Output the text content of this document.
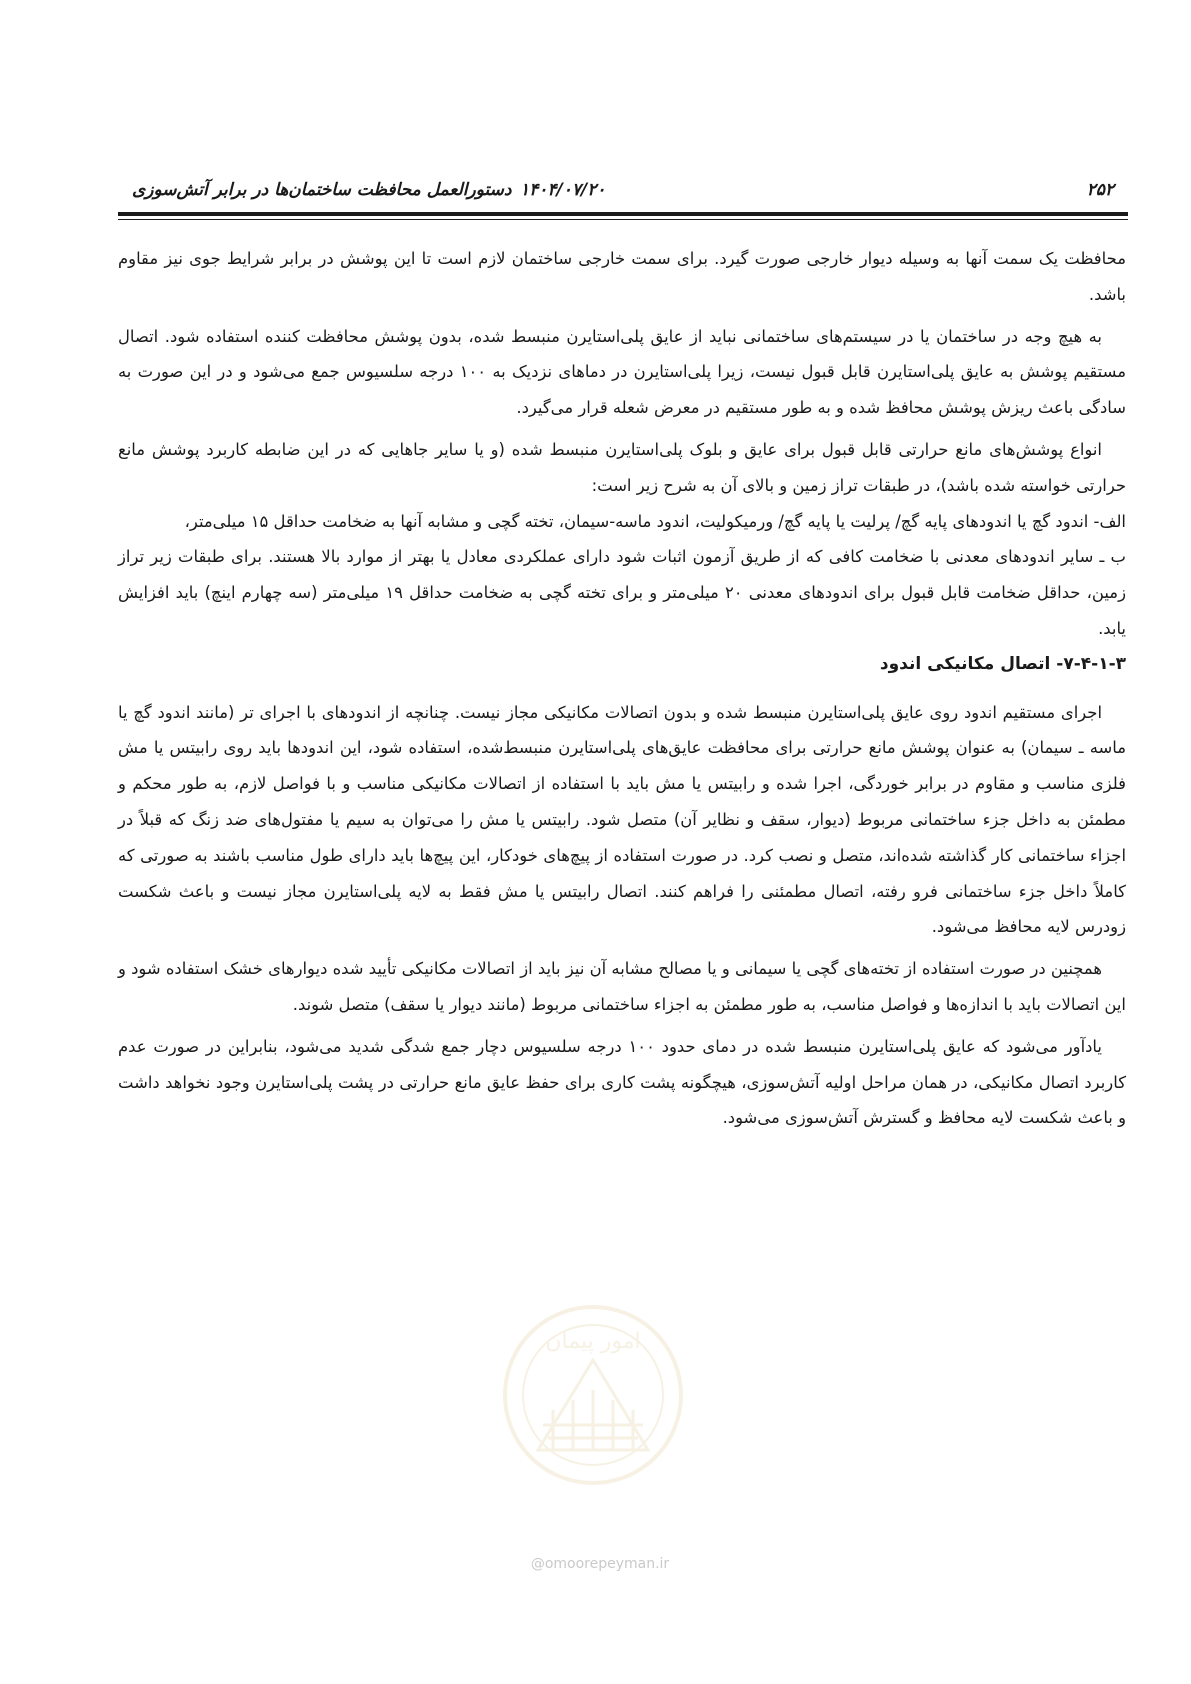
۲۵۲
۱۴۰۴/۰۷/۲۰
دستورالعمل محافظت ساختمان‌ها در برابر آتش‌سوزی

محافظت یک سمت آنها به وسیله دیوار خارجی صورت گیرد. برای سمت خارجی ساختمان لازم است تا این پوشش در برابر شرایط جوی نیز مقاوم باشد.

به هیچ وجه در ساختمان یا در سیستم‌های ساختمانی نباید از عایق پلی‌استایرن منبسط شده، بدون پوشش محافظت کننده استفاده شود. اتصال مستقیم پوشش به عایق پلی‌استایرن قابل قبول نیست، زیرا پلی‌استایرن در دماهای نزدیک به ۱۰۰ درجه سلسیوس جمع می‌شود و در این صورت به سادگی باعث ریزش پوشش محافظ شده و به طور مستقیم در معرض شعله قرار می‌گیرد.

انواع پوشش‌های مانع حرارتی قابل قبول برای عایق و بلوک پلی‌استایرن منبسط شده (و یا سایر جاهایی که در این ضابطه کاربرد پوشش مانع حرارتی خواسته شده باشد)، در طبقات تراز زمین و بالای آن به شرح زیر است:

الف- اندود گچ یا اندودهای پایه گچ/ پرلیت یا پایه گچ/ ورمیکولیت، اندود ماسه-سیمان، تخته گچی و مشابه آنها به ضخامت حداقل ۱۵ میلی‌متر،

ب ـ سایر اندودهای معدنی با ضخامت کافی که از طریق آزمون اثبات شود دارای عملکردی معادل یا بهتر از موارد بالا هستند. برای طبقات زیر تراز زمین، حداقل ضخامت قابل قبول برای اندودهای معدنی ۲۰ میلی‌متر و برای تخته گچی به ضخامت حداقل ۱۹ میلی‌متر (سه چهارم اینچ) باید افزایش یابد.

۷-۴-۱-۳- اتصال مکانیکی اندود

اجرای مستقیم اندود روی عایق پلی‌استایرن منبسط شده و بدون اتصالات مکانیکی مجاز نیست. چنانچه از اندودهای با اجرای تر (مانند اندود گچ یا ماسه ـ سیمان) به عنوان پوشش مانع حرارتی برای محافظت عایق‌های پلی‌استایرن منبسط‌شده، استفاده شود، این اندودها باید روی رابیتس یا مش فلزی مناسب و مقاوم در برابر خوردگی، اجرا شده و رابیتس یا مش باید با استفاده از اتصالات مکانیکی مناسب و با فواصل لازم، به طور محکم و مطمئن به داخل جزء ساختمانی مربوط (دیوار، سقف و نظایر آن) متصل شود. رابیتس یا مش را می‌توان به سیم یا مفتول‌های ضد زنگ که قبلاً در اجزاء ساختمانی کار گذاشته شده‌اند، متصل و نصب کرد. در صورت استفاده از پیچ‌های خودکار، این پیچ‌ها باید دارای طول مناسب باشند به صورتی که کاملاً داخل جزء ساختمانی فرو رفته، اتصال مطمئنی را فراهم کنند. اتصال رابیتس یا مش فقط به لایه پلی‌استایرن مجاز نیست و باعث شکست زودرس لایه محافظ می‌شود.

همچنین در صورت استفاده از تخته‌های گچی یا سیمانی و یا مصالح مشابه آن نیز باید از اتصالات مکانیکی تأیید شده دیوارهای خشک استفاده شود و این اتصالات باید با اندازه‌ها و فواصل مناسب، به طور مطمئن به اجزاء ساختمانی مربوط (مانند دیوار یا سقف) متصل شوند.

یادآور می‌شود که عایق پلی‌استایرن منبسط شده در دمای حدود ۱۰۰ درجه سلسیوس دچار جمع شدگی شدید می‌شود، بنابراین در صورت عدم کاربرد اتصال مکانیکی، در همان مراحل اولیه آتش‌سوزی، هیچگونه پشت کاری برای حفظ عایق مانع حرارتی در پشت پلی‌استایرن وجود نخواهد داشت و باعث شکست لایه محافظ و گسترش آتش‌سوزی می‌شود.

امور پیمان
@omoorepeyman.ir
